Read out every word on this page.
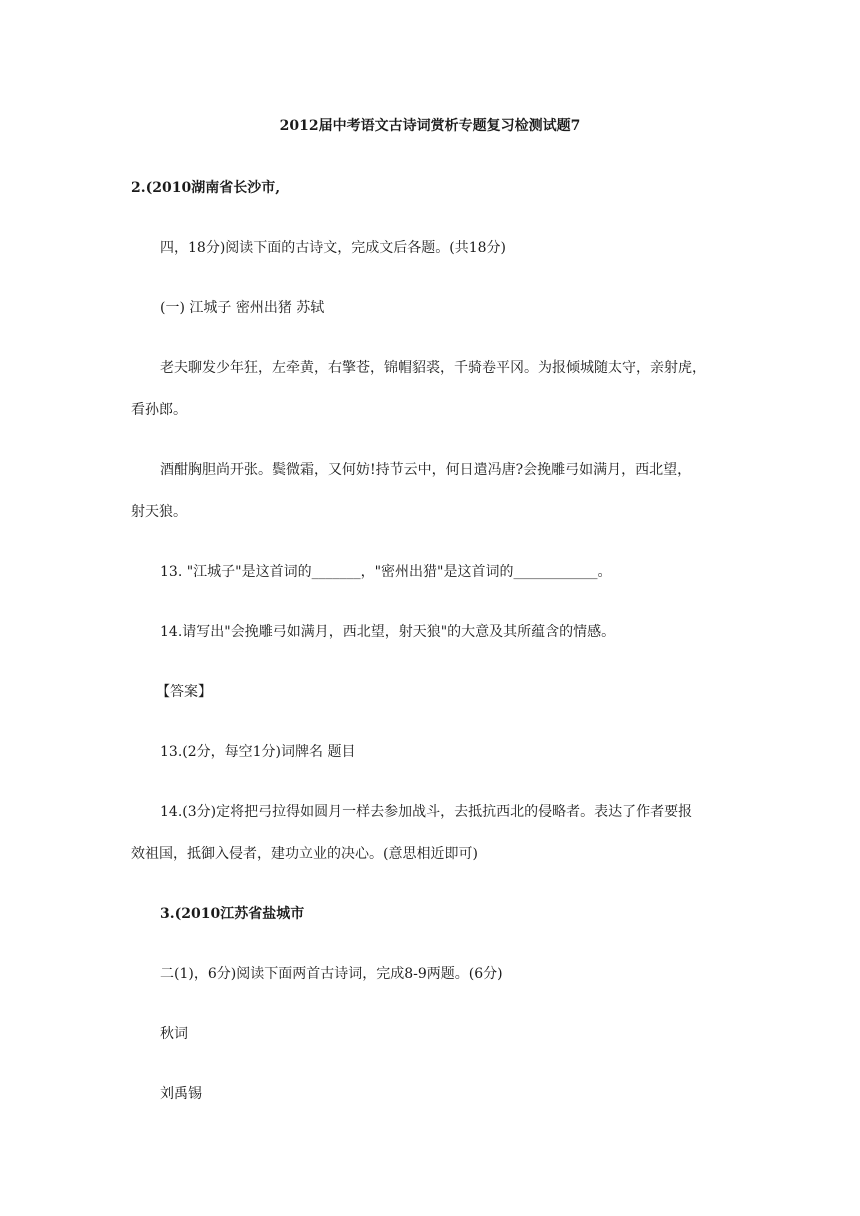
2012届中考语文古诗词赏析专题复习检测试题7
2.(2010湖南省长沙市,
四，18分)阅读下面的古诗文，完成文后各题。(共18分)
(一) 江城子 密州出猪 苏轼
老夫聊发少年狂，左牵黄，右擎苍，锦帽貂裘，千骑卷平冈。为报倾城随太守，亲射虎，
看孙郎。
酒酣胸胆尚开张。鬓微霜，又何妨!持节云中，何日遣冯唐?会挽雕弓如满月，西北望，
射天狼。
13. "江城子"是这首词的_______，"密州出猎"是这首词的____________。
14.请写出"会挽雕弓如满月，西北望，射天狼"的大意及其所蕴含的情感。
【答案】
13.(2分，每空1分)词牌名 题目
14.(3分)定将把弓拉得如圆月一样去参加战斗，去抵抗西北的侵略者。表达了作者要报
效祖国，抵御入侵者，建功立业的决心。(意思相近即可)
3.(2010江苏省盐城市
二(1)，6分)阅读下面两首古诗词，完成8-9两题。(6分)
秋词
刘禹锡
